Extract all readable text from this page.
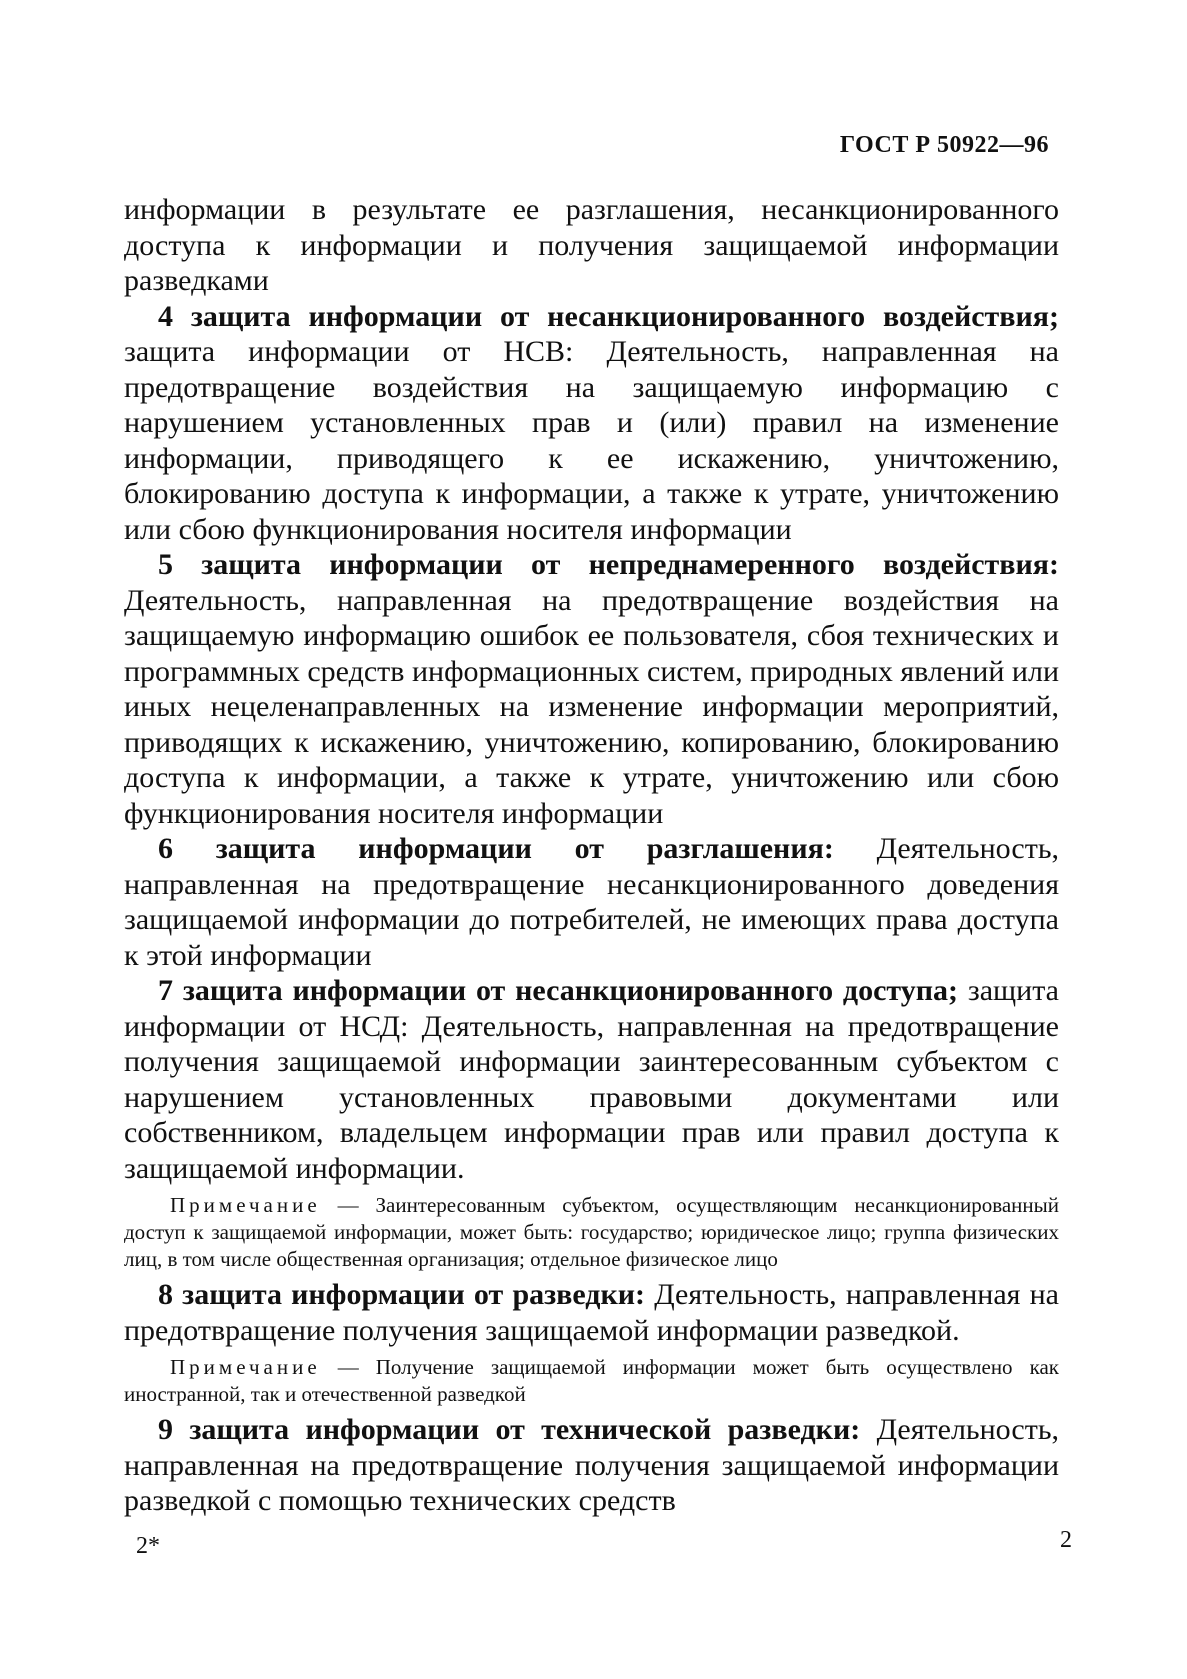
ГОСТ Р 50922—96

информации в результате ее разглашения, несанкционированного доступа к информации и получения защищаемой информации разведками

4 защита информации от несанкционированного воздействия; защита информации от НСВ: Деятельность, направленная на предотвращение воздействия на защищаемую информацию с нарушением установленных прав и (или) правил на изменение информации, приводящего к ее искажению, уничтожению, блокированию доступа к информации, а также к утрате, уничтожению или сбою функционирования носителя информации

5 защита информации от непреднамеренного воздействия: Деятельность, направленная на предотвращение воздействия на защищаемую информацию ошибок ее пользователя, сбоя технических и программных средств информационных систем, природных явлений или иных нецеленаправленных на изменение информации мероприятий, приводящих к искажению, уничтожению, копированию, блокированию доступа к информации, а также к утрате, уничтожению или сбою функционирования носителя информации

6 защита информации от разглашения: Деятельность, направленная на предотвращение несанкционированного доведения защищаемой информации до потребителей, не имеющих права доступа к этой информации

7 защита информации от несанкционированного доступа; защита информации от НСД: Деятельность, направленная на предотвращение получения защищаемой информации заинтересованным субъектом с нарушением установленных правовыми документами или собственником, владельцем информации прав или правил доступа к защищаемой информации.

Примечание — Заинтересованным субъектом, осуществляющим несанкционированный доступ к защищаемой информации, может быть: государство; юридическое лицо; группа физических лиц, в том числе общественная организация; отдельное физическое лицо

8 защита информации от разведки: Деятельность, направленная на предотвращение получения защищаемой информации разведкой.

Примечание — Получение защищаемой информации может быть осуществлено как иностранной, так и отечественной разведкой

9 защита информации от технической разведки: Деятельность, направленная на предотвращение получения защищаемой информации разведкой с помощью технических средств

2*	2
